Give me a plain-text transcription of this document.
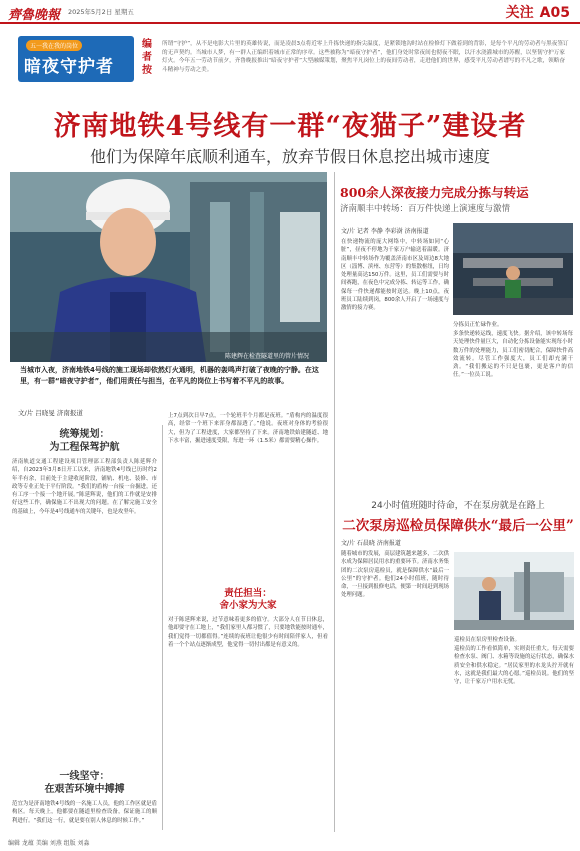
齊魯晚報 2025年5月2日 星期五	关注 A05
五一我在我的岗位
暗夜守护者
编者按
所谓“守护”，从不是电影大片里的英雄传说，而是凌晨3点将近零上升拣快递的指尖温度，是紧锁地沟时站在检修灯下做着到的背影，是每个平凡的劳动者与黑夜签订的无声契约。当城市人梦，有一群人正编织着城市正常的序章。这些被称为“暗夜守护者”，他们身处时常夜间也彻夜不眠，以汗水浇灌城市的苏醒，以坚韧守护万家灯火。今年五一劳动节前夕，齐鲁晚报推出“暗夜守护者”大型融媒策划，聚焦平凡岗位上的夜间劳动者，走进他们的世界，感受平凡劳动者谱写的不凡之歌，领略奋斗精神与劳动之美。
济南地铁4号线有一群“夜猫子”建设者
他们为保障年底顺利通车，放弃节假日休息挖出城市速度
陈建辉在检查隧道里的管片情况
当城市入夜，济南地铁4号线的施工现场却依然灯火通明，机器的轰鸣声打破了夜晚的宁静。在这里，有一群“暗夜守护者”，他们用责任与担当，在平凡的岗位上书写着不平凡的故事。
文/片 吕晓旻 济南报道
统筹规划：
为工程保驾护航
济南轨道交通工程建设项目管理部工程部负责人陈延辉介绍，自2023年3月8日开工以来，济南地铁4号线已历时约2年半有余，目前处于主建收尾阶段，铺轨、机电、装修、市政等专业正处于平行阶段。“我们的盾构一台接一台掘进，还有工序一个接一个地开展。”陈延辉说，他们的工作就是安排好这些工作，确保施工不出现大的问题。在了解完施工安全的基础上，今年是4号线通车的关键年，也是攻坚年。
一线坚守：
在艰苦环境中搏搏
范宜为是济南地铁4号线的一名施工人员，他的工作区就是盾构区。每天晚上，他都要在隧道里检查设备，保证施工的顺利进行。“我们这一行，就是要在别人休息的时候工作。”
上7点到次日早7点，一个轮班半个月都是夜班。“盾构内的温度很高，经常一个班下来浑身都湿透了。”他说。夜班对身体的考验很大，但为了工程进度，大家都坚持了下来。济南地铁始建隧道、地下水丰富，掘进速度受限，每进一环（1.5米）都需要精心操作。
责任担当：
舍小家为大家
对于陈延辉来说，过节意味着更多的值守。大部分人在节日休息，他却要守在工地上，“我们家里人都习惯了，只要地铁能按时通车，我们觉得一切都值得。”连续的夜班让他很少有时间陪伴家人，但看着一个个站点逐渐成型，他觉得一切付出都是有意义的。
800余人深夜接力完成分拣与转运
济南顺丰中转场：百万件快递上演速度与激情
文/片 记者 李静 李彩澍 济南报道
在快递物流的庞大网络中，中转场如同“心脏”，昼夜不停地为千家万户输送着温暖。济南顺丰中转场作为覆盖济南市区及周边8大地区（淄博、滨州、东营等）的集散枢纽，日均处理量高达150万件。这里，员工们需要与时间赛跑，在夜色中完成分拣、转运等工作，确保每一件快递都能按时送达。晚上10点，夜班员工陆续到岗，800余人开启了一场速度与激情的接力赛。
分拣员正忙碌作业。
多条快递转运线，速度飞快。据介绍，该中转场每天处理快件量巨大，自动化分拣设备能实现每小时数万件的处理能力，员工们密切配合，保障快件高效流转。尽管工作强度大，员工们却充满干劲。“我们搬运的不只是包裹，更是客户的信任。”一位员工说。
24小时值班随时待命，不在泵房就是在路上
二次泵房巡检员保障供水“最后一公里”
文/片 石晨晓 济南报道
随着城市的发展，高层建筑越来越多，二次供水成为保障居民用水的重要环节。济南水务集团的二次泵房巡检员，就是保障供水“最后一公里”的守护者。他们24小时值班，随时待命，一旦接到报修电话，便第一时间赶到现场处理问题。
巡检员在泵房里检查设备。
巡检员的工作看似简单，实则责任重大。每天需要检查水泵、阀门、水箱等设施的运行状态，确保水质安全和供水稳定。“居民家里的水龙头拧开就有水，这就是我们最大的心愿。”巡检员说。他们的坚守，让千家万户用水无忧。
编辑 龙蕴 美编 刘燕 组版 刘淼
